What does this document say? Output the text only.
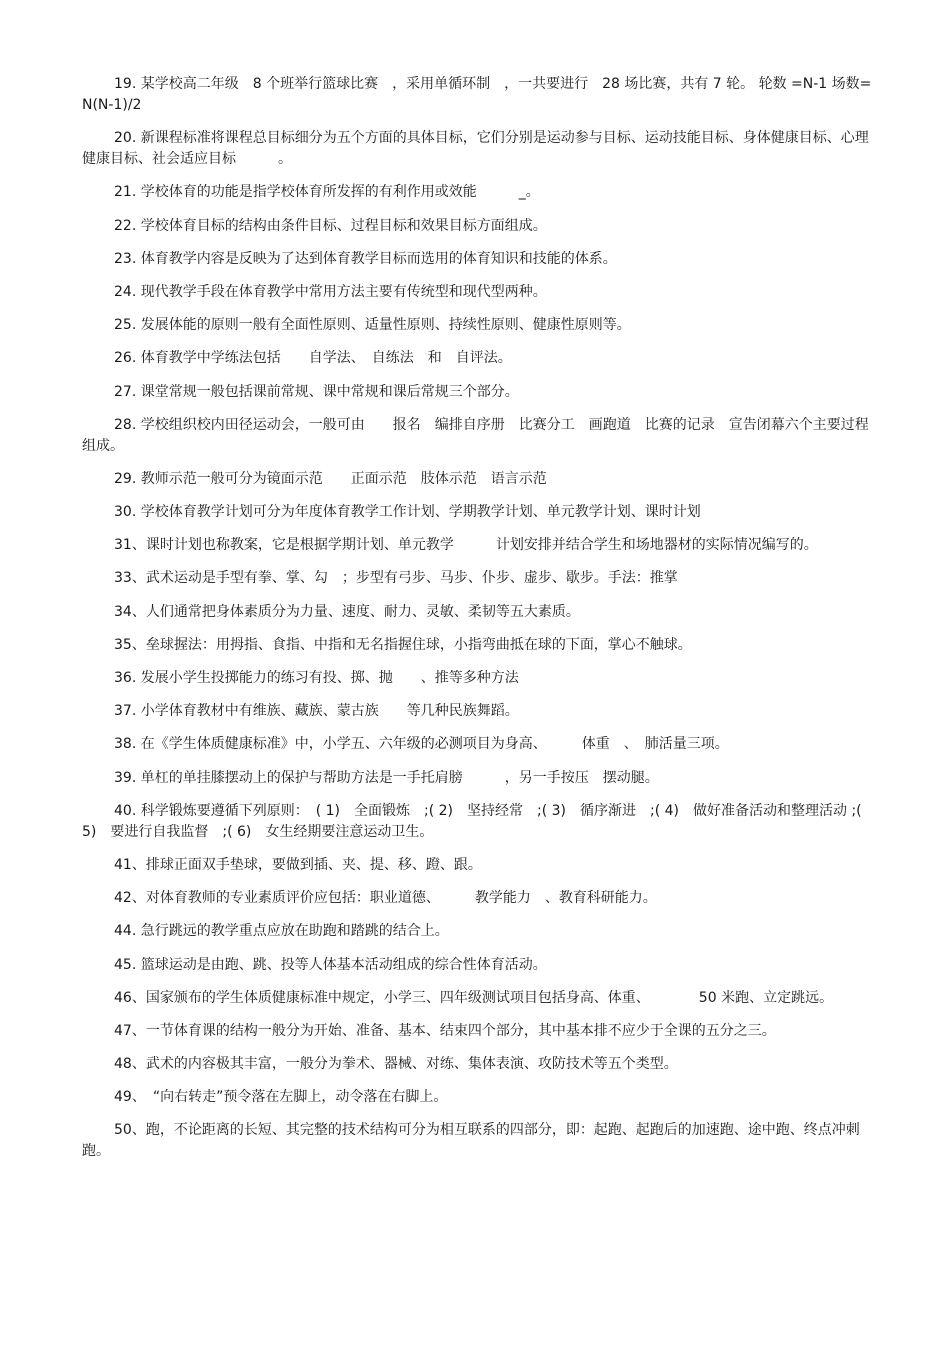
19. 某学校高二年级　8 个班举行篮球比赛　，采用单循环制　，一共要进行　28 场比赛，共有 7 轮。 轮数 =N-1 场数=N(N-1)/2

20. 新课程标准将课程总目标细分为五个方面的具体目标，它们分别是运动参与目标、运动技能目标、身体健康目标、心理健康目标、社会适应目标　　　。

21. 学校体育的功能是指学校体育所发挥的有利作用或效能　　　_。

22. 学校体育目标的结构由条件目标、过程目标和效果目标方面组成。

23. 体育教学内容是反映为了达到体育教学目标而选用的体育知识和技能的体系。

24. 现代教学手段在体育教学中常用方法主要有传统型和现代型两种。

25. 发展体能的原则一般有全面性原则、适量性原则、持续性原则、健康性原则等。

26. 体育教学中学练法包括　　自学法、　自练法　和　自评法。

27. 课堂常规一般包括课前常规、课中常规和课后常规三个部分。

28. 学校组织校内田径运动会，一般可由　　报名　编排自序册　比赛分工　画跑道　比赛的记录　宣告闭幕六个主要过程组成。

29. 教师示范一般可分为镜面示范　　正面示范　肢体示范　语言示范

30. 学校体育教学计划可分为年度体育教学工作计划、学期教学计划、单元教学计划、课时计划

31、课时计划也称教案，它是根据学期计划、单元教学　　　计划安排并结合学生和场地器材的实际情况编写的。

33、武术运动是手型有拳、掌、勾　；步型有弓步、马步、仆步、虚步、歇步。手法：推掌

34、人们通常把身体素质分为力量、速度、耐力、灵敏、柔韧等五大素质。

35、垒球握法：用拇指、食指、中指和无名指握住球，小指弯曲抵在球的下面，掌心不触球。

36. 发展小学生投掷能力的练习有投、掷、抛　　、推等多种方法

37. 小学体育教材中有维族、藏族、蒙古族　　等几种民族舞蹈。

38. 在《学生体质健康标准》中，小学五、六年级的必测项目为身高、　　　体重　、　肺活量三项。

39. 单杠的单挂膝摆动上的保护与帮助方法是一手托肩膀　　　，另一手按压　摆动腿。

40. 科学锻炼要遵循下列原则：　( 1)　全面锻炼　;( 2)　坚持经常　;( 3)　循序渐进　;( 4)　做好准备活动和整理活动 ;( 5)　要进行自我监督　;( 6)　女生经期要注意运动卫生。

41、排球正面双手垫球，要做到插、夹、提、移、蹬、跟。

42、对体育教师的专业素质评价应包括：职业道德、　　　教学能力　、教育科研能力。

44. 急行跳远的教学重点应放在助跑和踏跳的结合上。

45. 篮球运动是由跑、跳、投等人体基本活动组成的综合性体育活动。

46、国家颁布的学生体质健康标准中规定，小学三、四年级测试项目包括身高、体重、　　　　50 米跑、立定跳远。

47、一节体育课的结构一般分为开始、准备、基本、结束四个部分，其中基本排不应少于全课的五分之三。

48、武术的内容极其丰富，一般分为拳术、器械、对练、集体表演、攻防技术等五个类型。

49、　“向右转走”预令落在左脚上，动令落在右脚上。

50、跑，不论距离的长短、其完整的技术结构可分为相互联系的四部分，即：起跑、起跑后的加速跑、途中跑、终点冲刺跑。
